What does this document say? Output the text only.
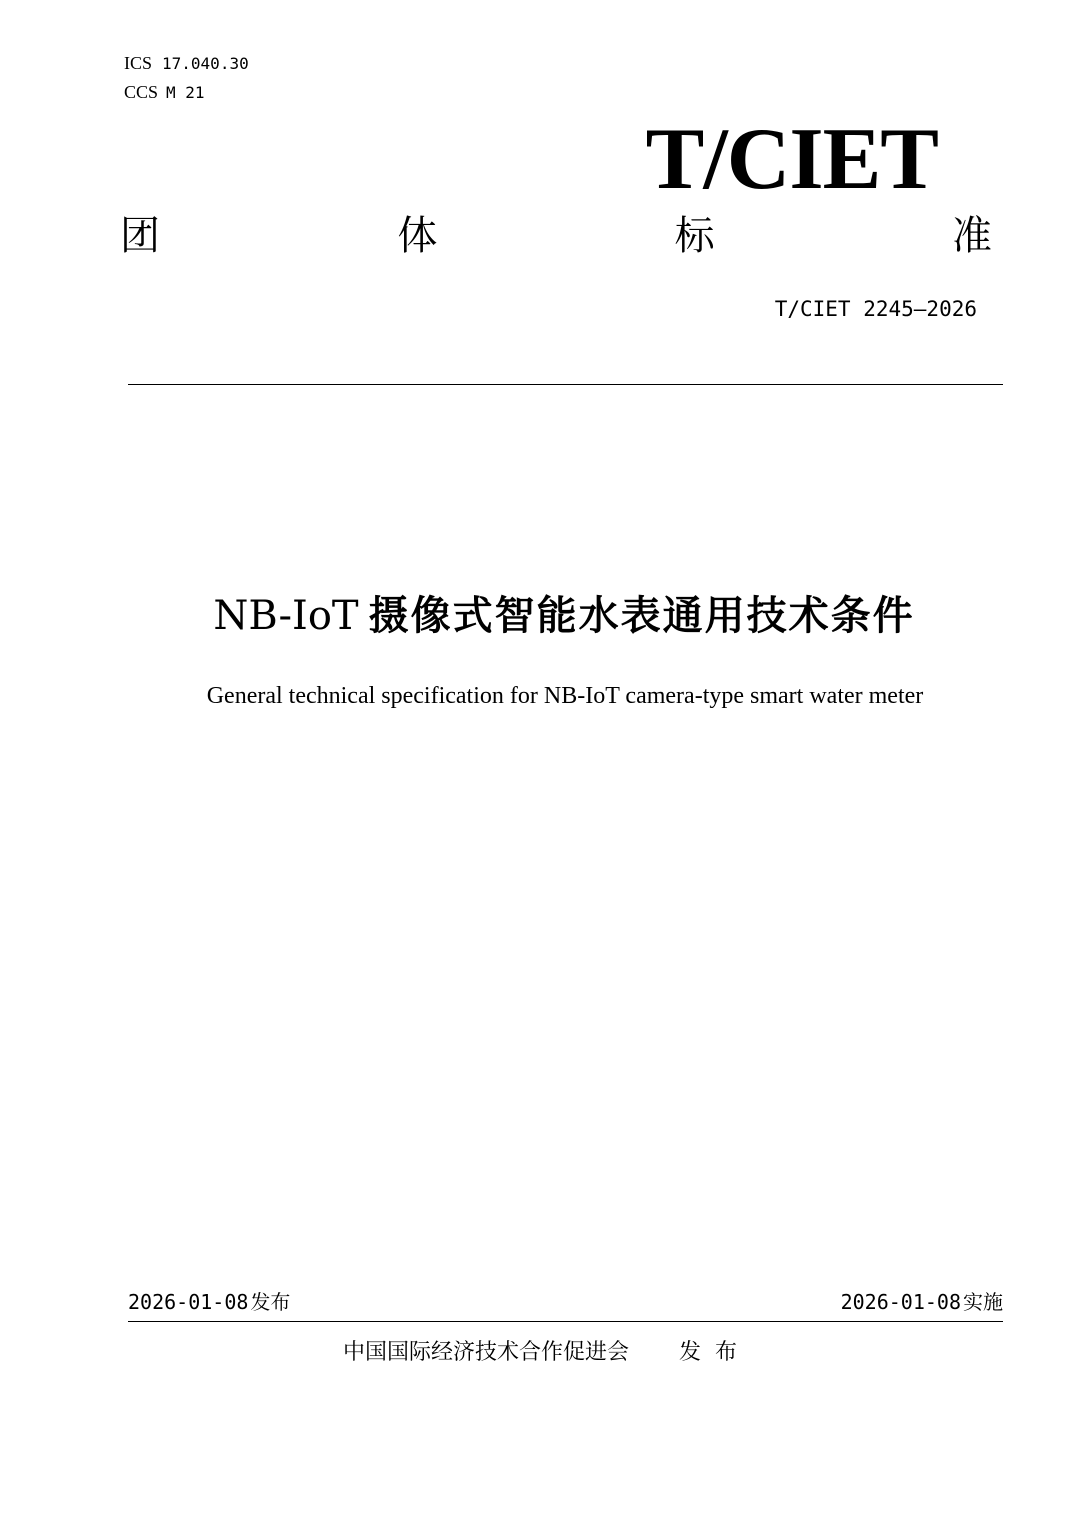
ICS 17.040.30
CCS M 21
T/CIET
团	体	标	准
T/CIET 2245—2026
NB-IoT 摄像式智能水表通用技术条件
General technical specification for NB-IoT camera-type smart water meter
2026-01-08 发布	2026-01-08 实施
中国国际经济技术合作促进会 发布
